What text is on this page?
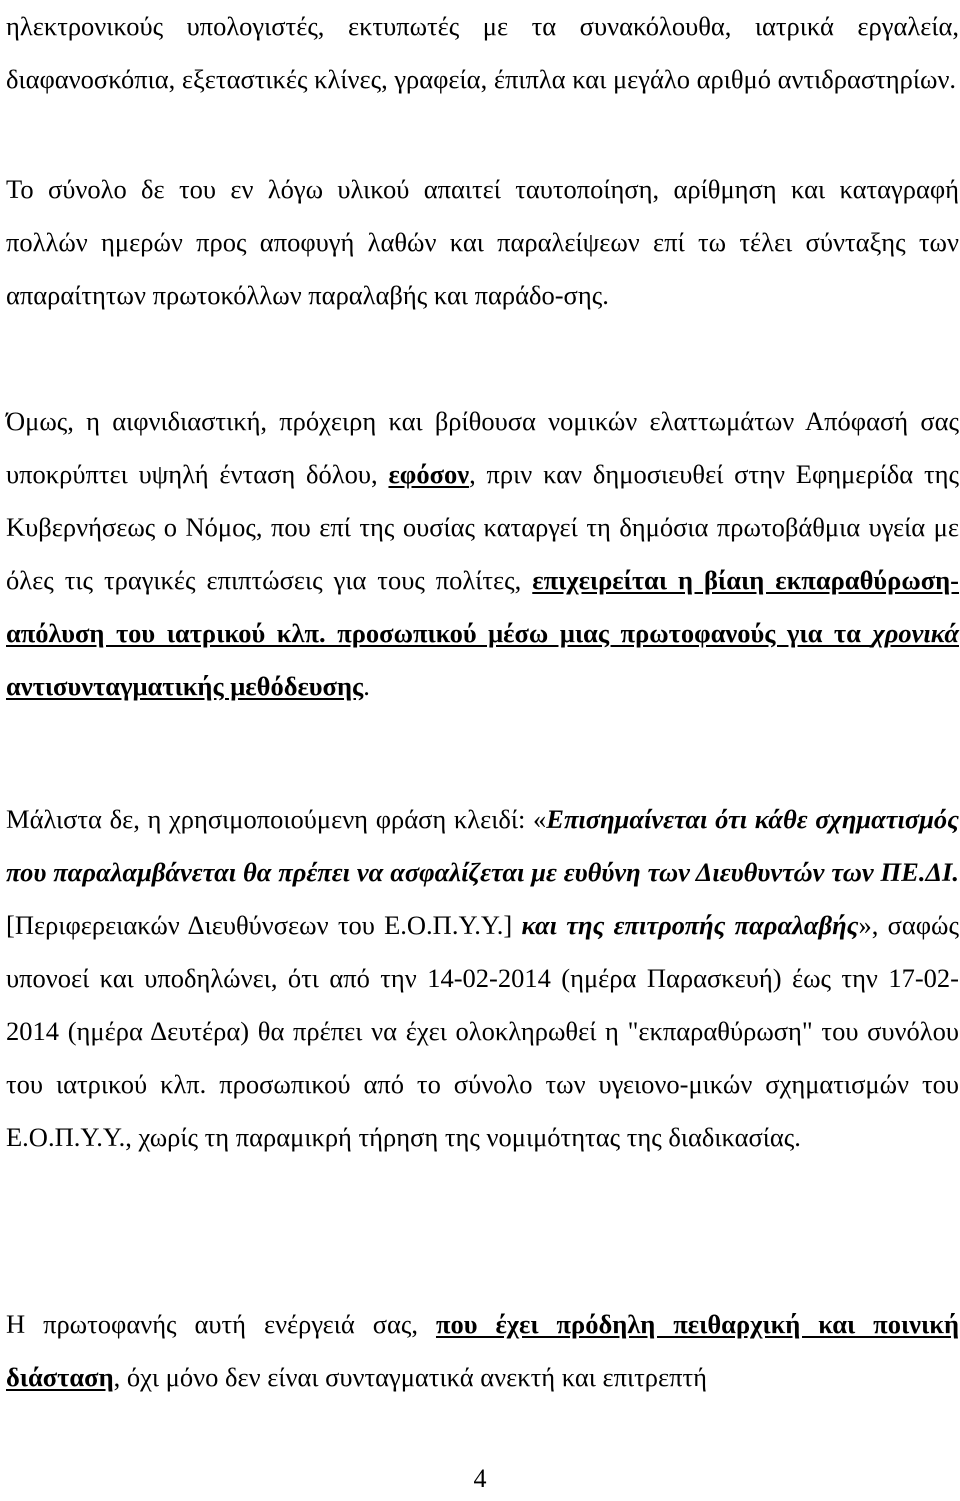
ηλεκτρονικούς υπολογιστές, εκτυπωτές με τα συνακόλουθα, ιατρικά εργαλεία, διαφανοσκόπια, εξεταστικές κλίνες, γραφεία, έπιπλα και μεγάλο αριθμό αντιδραστηρίων.

Το σύνολο δε του εν λόγω υλικού απαιτεί ταυτοποίηση, αρίθμηση και καταγραφή πολλών ημερών προς αποφυγή λαθών και παραλείψεων επί τω τέλει σύνταξης των απαραίτητων πρωτοκόλλων παραλαβής και παράδο-σης.

Όμως, η αιφνιδιαστική, πρόχειρη και βρίθουσα νομικών ελαττωμάτων Απόφασή σας υποκρύπτει υψηλή ένταση δόλου, εφόσον, πριν καν δημοσιευθεί στην Εφημερίδα της Κυβερνήσεως ο Νόμος, που επί της ουσίας καταργεί τη δημόσια πρωτοβάθμια υγεία με όλες τις τραγικές επιπτώσεις για τους πολίτες, επιχειρείται η βίαιη εκπαραθύρωση-απόλυση του ιατρικού κλπ. προσωπικού μέσω μιας πρωτοφανούς για τα χρονικά αντισυνταγματικής μεθόδευσης.

Μάλιστα δε, η χρησιμοποιούμενη φράση κλειδί: «Επισημαίνεται ότι κάθε σχηματισμός που παραλαμβάνεται θα πρέπει να ασφαλίζεται με ευθύνη των Διευθυντών των ΠΕ.ΔΙ. [Περιφερειακών Διευθύνσεων του Ε.Ο.Π.Υ.Υ.] και της επιτροπής παραλαβής», σαφώς υπονοεί και υποδηλώνει, ότι από την 14-02-2014 (ημέρα Παρασκευή) έως την 17-02-2014 (ημέρα Δευτέρα) θα πρέπει να έχει ολοκληρωθεί η "εκπαραθύρωση" του συνόλου του ιατρικού κλπ. προσωπικού από το σύνολο των υγειονο-μικών σχηματισμών του Ε.Ο.Π.Υ.Υ., χωρίς τη παραμικρή τήρηση της νομιμότητας της διαδικασίας.

Η πρωτοφανής αυτή ενέργειά σας, που έχει πρόδηλη πειθαρχική και ποινική διάσταση, όχι μόνο δεν είναι συνταγματικά ανεκτή και επιτρεπτή

4
